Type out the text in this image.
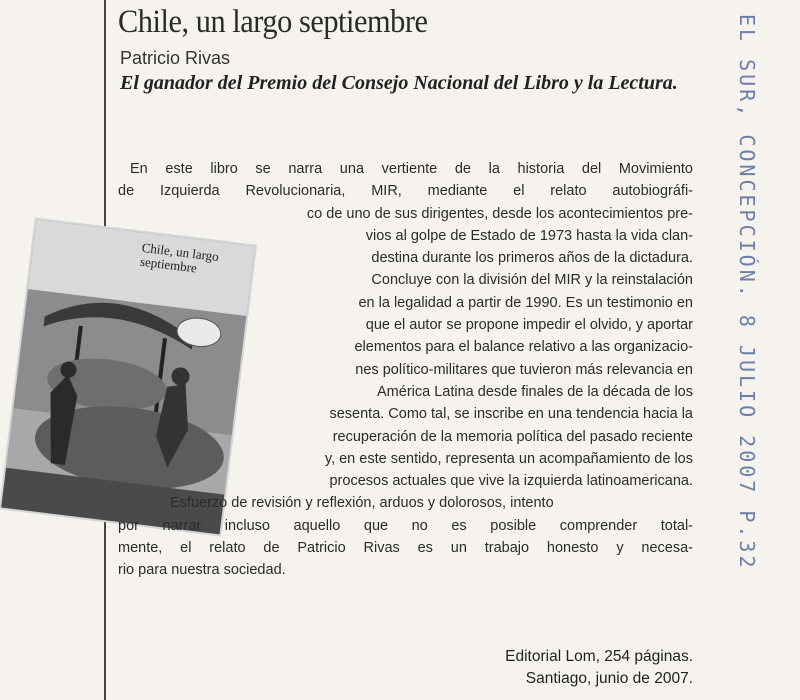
Chile, un largo septiembre
Patricio Rivas
El ganador del Premio del Consejo Nacional del Libro y la Lectura.
Chile, un largo septiembre
En este libro se narra una vertiente de la historia del Movimiento
de Izquierda Revolucionaria, MIR, mediante el relato autobiográfi-
co de uno de sus dirigentes, desde los acontecimientos pre-
vios al golpe de Estado de 1973 hasta la vida clan-
destina durante los primeros años de la dictadura.
Concluye con la división del MIR y la reinstalación
en la legalidad a partir de 1990. Es un testimonio en
que el autor se propone impedir el olvido, y aportar
elementos para el balance relativo a las organizacio-
nes político-militares que tuvieron más relevancia en
América Latina desde finales de la década de los
sesenta. Como tal, se inscribe en una tendencia hacia la
recuperación de la memoria política del pasado reciente
y, en este sentido, representa un acompañamiento de los
procesos actuales que vive la izquierda latinoamericana.
Esfuerzo de revisión y reflexión, arduos y dolorosos, intento
por narrar incluso aquello que no es posible comprender total-
mente, el relato de Patricio Rivas es un trabajo honesto y necesa-
rio para nuestra sociedad.
Editorial Lom, 254 páginas.
Santiago, junio de 2007.
EL SUR, CONCEPCIÓN. 8 JULIO 2007 P.32
